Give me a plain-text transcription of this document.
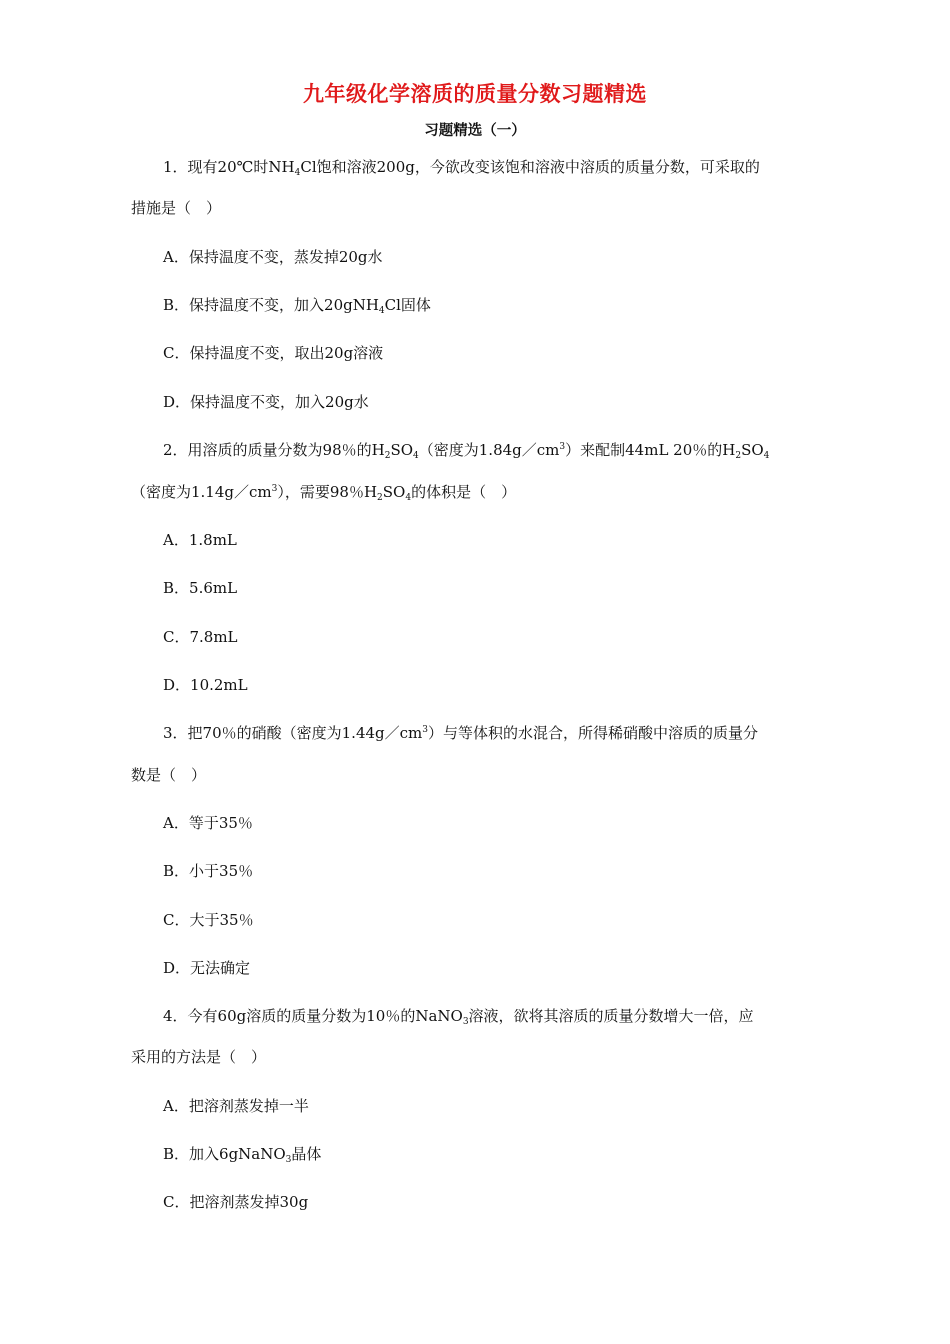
九年级化学溶质的质量分数习题精选
习题精选（一）
1．现有20℃时$NH_4Cl$饱和溶液200g，今欲改变该饱和溶液中溶质的质量分数，可采取的
措施是（　）
A．保持温度不变，蒸发掉20g水
B．保持温度不变，加入20gNH$_4$Cl固体
C．保持温度不变，取出20g溶液
D．保持温度不变，加入20g水
2．用溶质的质量分数为98％的$H_2SO_4$（密度为$1.84g/cm^3$）来配制44mL 20％的$H_2SO_4$
（密度为$1.14g/cm^3$），需要98％$H_2SO_4$的体积是（　）
A．1.8mL
B．5.6mL
C．7.8mL
D．10.2mL
3．把70％的硝酸（密度为$1.44g/cm^3$）与等体积的水混合，所得稀硝酸中溶质的质量分
数是（　）
A．等于35％
B．小于35％
C．大于35％
D．无法确定
4．今有60g溶质的质量分数为10％的NaNO$_3$溶液，欲将其溶质的质量分数增大一倍，应
采用的方法是（　）
A．把溶剂蒸发掉一半
B．加入6gNaNO$_3$晶体
C．把溶剂蒸发掉30g
